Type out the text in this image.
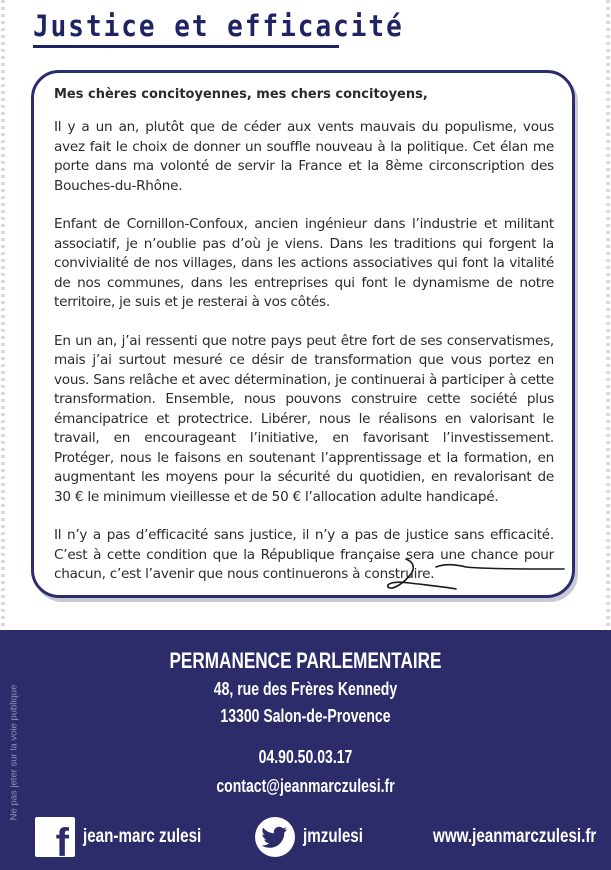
Justice et efficacité

Mes chères concitoyennes, mes chers concitoyens,

Il y a un an, plutôt que de céder aux vents mauvais du populisme, vous avez fait le choix de donner un souffle nouveau à la politique. Cet élan me porte dans ma volonté de servir la France et la 8ème circonscription des Bouches-du-Rhône.

Enfant de Cornillon-Confoux, ancien ingénieur dans l’industrie et militant associatif, je n’oublie pas d’où je viens. Dans les traditions qui forgent la convivialité de nos villages, dans les actions associatives qui font la vitalité de nos communes, dans les entreprises qui font le dynamisme de notre territoire, je suis et je resterai à vos côtés.

En un an, j’ai ressenti que notre pays peut être fort de ses conservatismes, mais j’ai surtout mesuré ce désir de transformation que vous portez en vous. Sans relâche et avec détermination, je continuerai à participer à cette transformation. Ensemble, nous pouvons construire cette société plus émancipatrice et protectrice. Libérer, nous le réalisons en valorisant le travail, en encourageant l’initiative, en favorisant l’investissement. Protéger, nous le faisons en soutenant l’apprentissage et la formation, en augmentant les moyens pour la sécurité du quotidien, en revalorisant de 30 € le minimum vieillesse et de 50 € l’allocation adulte handicapé.

Il n’y a pas d’efficacité sans justice, il n’y a pas de justice sans efficacité. C’est à cette condition que la République française sera une chance pour chacun, c’est l’avenir que nous continuerons à construire.

Ne pas jeter sur la voie publique
PERMANENCE PARLEMENTAIRE
48, rue des Frères Kennedy
13300 Salon-de-Provence
04.90.50.03.17
contact@jeanmarczulesi.fr
f jean-marc zulesi	jmzulesi	www.jeanmarczulesi.fr
